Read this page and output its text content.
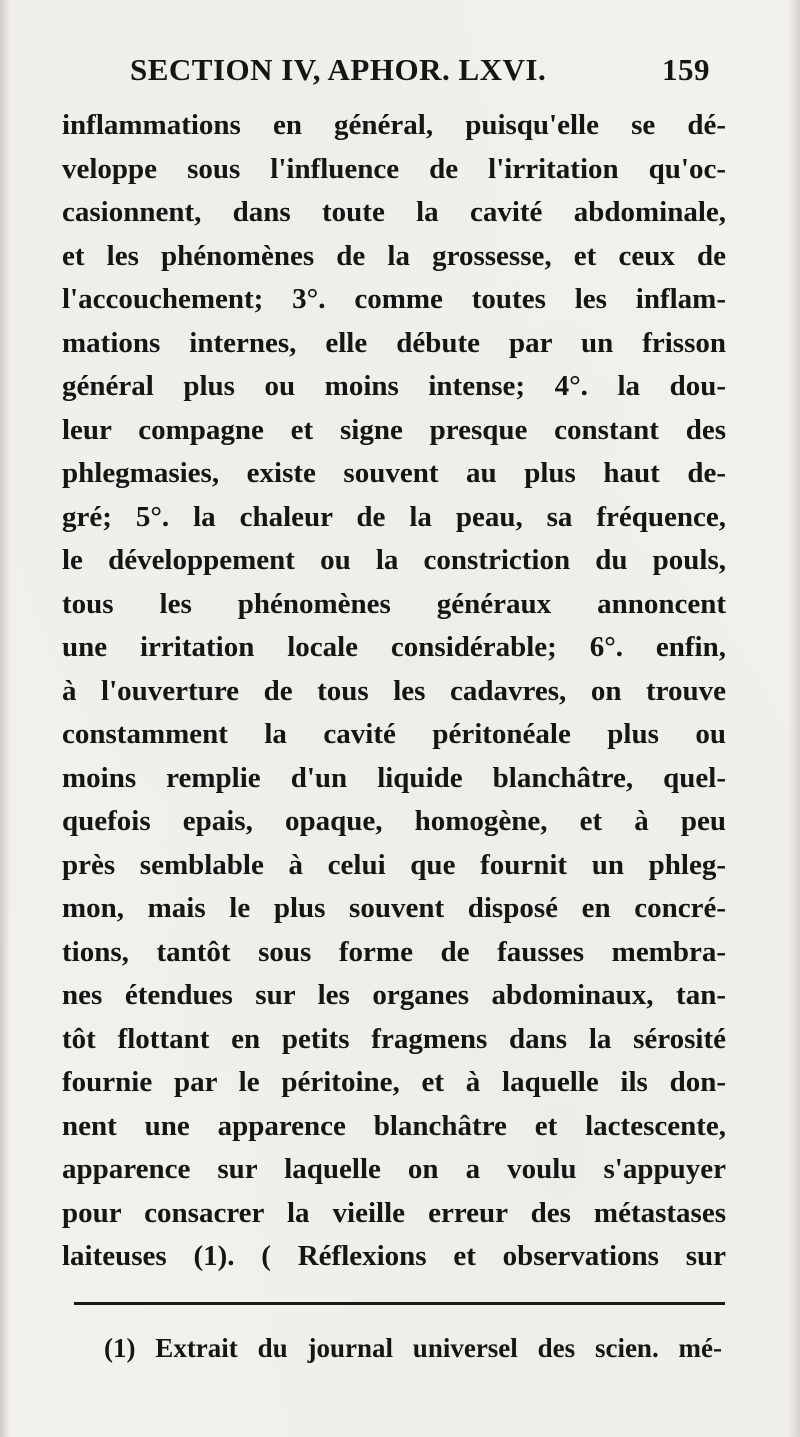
SECTION IV, APHOR. LXVI.	159
inflammations en général, puisqu'elle se dé-
veloppe sous l'influence de l'irritation qu'oc-
casionnent, dans toute la cavité abdominale,
et les phénomènes de la grossesse, et ceux de
l'accouchement; 3°. comme toutes les inflam-
mations internes, elle débute par un frisson
général plus ou moins intense; 4°. la dou-
leur compagne et signe presque constant des
phlegmasies, existe souvent au plus haut de-
gré; 5°. la chaleur de la peau, sa fréquence,
le développement ou la constriction du pouls,
tous les phénomènes généraux annoncent
une irritation locale considérable; 6°. enfin,
à l'ouverture de tous les cadavres, on trouve
constamment la cavité péritonéale plus ou
moins remplie d'un liquide blanchâtre, quel-
quefois epais, opaque, homogène, et à peu
près semblable à celui que fournit un phleg-
mon, mais le plus souvent disposé en concré-
tions, tantôt sous forme de fausses membra-
nes étendues sur les organes abdominaux, tan-
tôt flottant en petits fragmens dans la sérosité
fournie par le péritoine, et à laquelle ils don-
nent une apparence blanchâtre et lactescente,
apparence sur laquelle on a voulu s'appuyer
pour consacrer la vieille erreur des métastases
laiteuses (1). ( Réflexions et observations sur
(1) Extrait du journal universel des scien. mé-
